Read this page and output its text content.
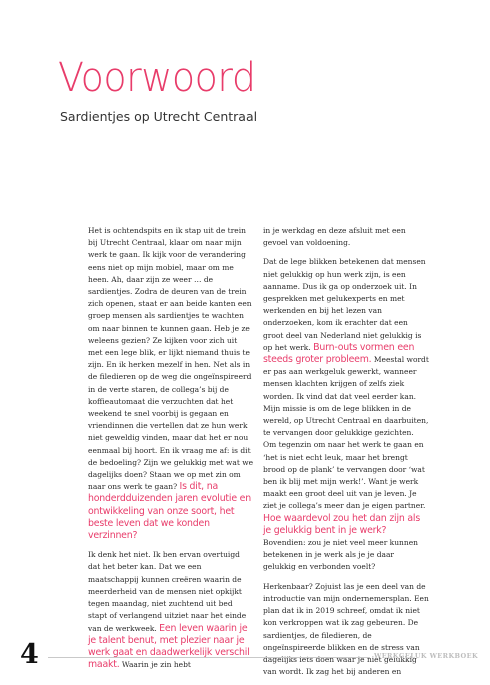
Voorwoord
Sardientjes op Utrecht Centraal

Het is ochtendspits en ik stap uit de trein bij Utrecht Centraal, klaar om naar mijn werk te gaan. Ik kijk voor de verandering eens niet op mijn mobiel, maar om me heen. Ah, daar zijn ze weer … de sardientjes. Zodra de deuren van de trein zich openen, staat er aan beide kanten een groep mensen als sardientjes te wachten om naar binnen te kunnen gaan. Heb je ze weleens gezien? Ze kijken voor zich uit met een lege blik, er lijkt niemand thuis te zijn. En ik herken mezelf in hen. Net als in de filedieren op de weg die ongeïnspireerd in de verte staren, de collega’s bij de koffieautomaat die verzuchten dat het weekend te snel voorbij is gegaan en vriendinnen die vertellen dat ze hun werk niet geweldig vinden, maar dat het er nou eenmaal bij hoort. En ik vraag me af: is dit de bedoeling? Zijn we gelukkig met wat we dagelijks doen? Staan we op met zin om naar ons werk te gaan? Is dit, na honderdduizenden jaren evolutie en ontwikkeling van onze soort, het beste leven dat we konden verzinnen?

Ik denk het niet. Ik ben ervan overtuigd dat het beter kan. Dat we een maatschappij kunnen creëren waarin de meerderheid van de mensen niet opkijkt tegen maandag, niet zuchtend uit bed stapt of verlangend uitziet naar het einde van de werkweek. Een leven waarin je je talent benut, met plezier naar je werk gaat en daadwerkelijk verschil maakt. Waarin je zin hebt

in je werkdag en deze afsluit met een gevoel van voldoening.

Dat de lege blikken betekenen dat mensen niet gelukkig op hun werk zijn, is een aanname. Dus ik ga op onderzoek uit. In gesprekken met gelukexperts en met werkenden en bij het lezen van onderzoeken, kom ik erachter dat een groot deel van Nederland niet gelukkig is op het werk. Burn-outs vormen een steeds groter probleem. Meestal wordt er pas aan werkgeluk gewerkt, wanneer mensen klachten krijgen of zelfs ziek worden. Ik vind dat dat veel eerder kan. Mijn missie is om de lege blikken in de wereld, op Utrecht Centraal en daarbuiten, te vervangen door gelukkige gezichten. Om tegenzin om naar het werk te gaan en ‘het is niet echt leuk, maar het brengt brood op de plank’ te vervangen door ‘wat ben ik blij met mijn werk!’. Want je werk maakt een groot deel uit van je leven. Je ziet je collega’s meer dan je eigen partner. Hoe waardevol zou het dan zijn als je gelukkig bent in je werk? Bovendien: zou je niet veel meer kunnen betekenen in je werk als je je daar gelukkig en verbonden voelt?

Herkenbaar? Zojuist las je een deel van de introductie van mijn ondernemersplan. Een plan dat ik in 2019 schreef, omdat ik niet kon verkroppen wat ik zag gebeuren. De sardientjes, de filedieren, de ongeïnspireerde blikken en de stress van dagelijks iets doen waar je niet gelukkig van wordt. Ik zag het bij anderen en

4	WERKGELUK WERKBOEK
